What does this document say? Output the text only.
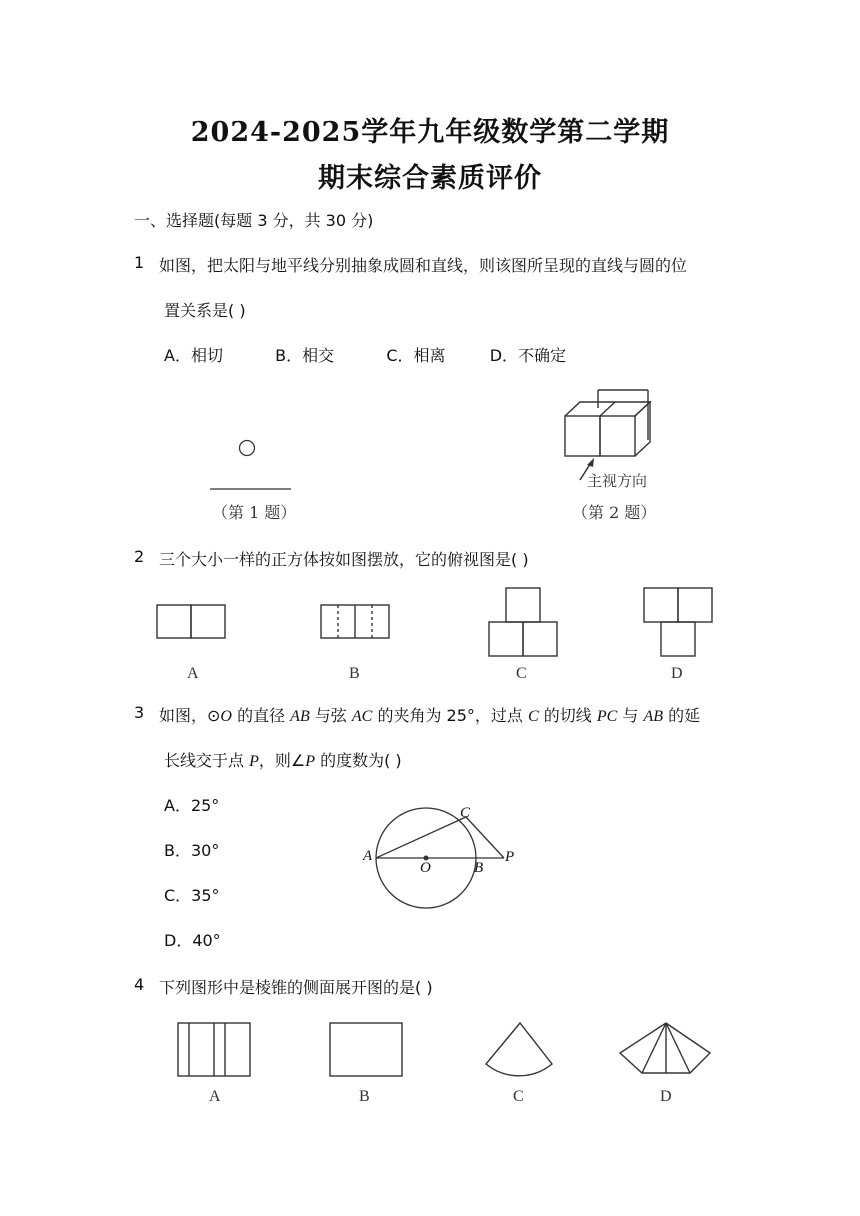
2024-2025学年九年级数学第二学期
期末综合素质评价
一、选择题(每题 3 分，共 30 分)
1 如图，把太阳与地平线分别抽象成圆和直线，则该图所呈现的直线与圆的位
置关系是( )
A．相切	B．相交	C．相离	D．不确定
（第 1 题）
主视方向
（第 2 题）
2 三个大小一样的正方体按如图摆放，它的俯视图是( )
A	B	C	D
3 如图，⊙O 的直径 AB 与弦 AC 的夹角为 25°，过点 C 的切线 PC 与 AB 的延
长线交于点 P，则∠P 的度数为( )
A．25°
B．30°
C．35°
D．40°
A
O	B
P
C
4 下列图形中是棱锥的侧面展开图的是( )
A	B	C	D
